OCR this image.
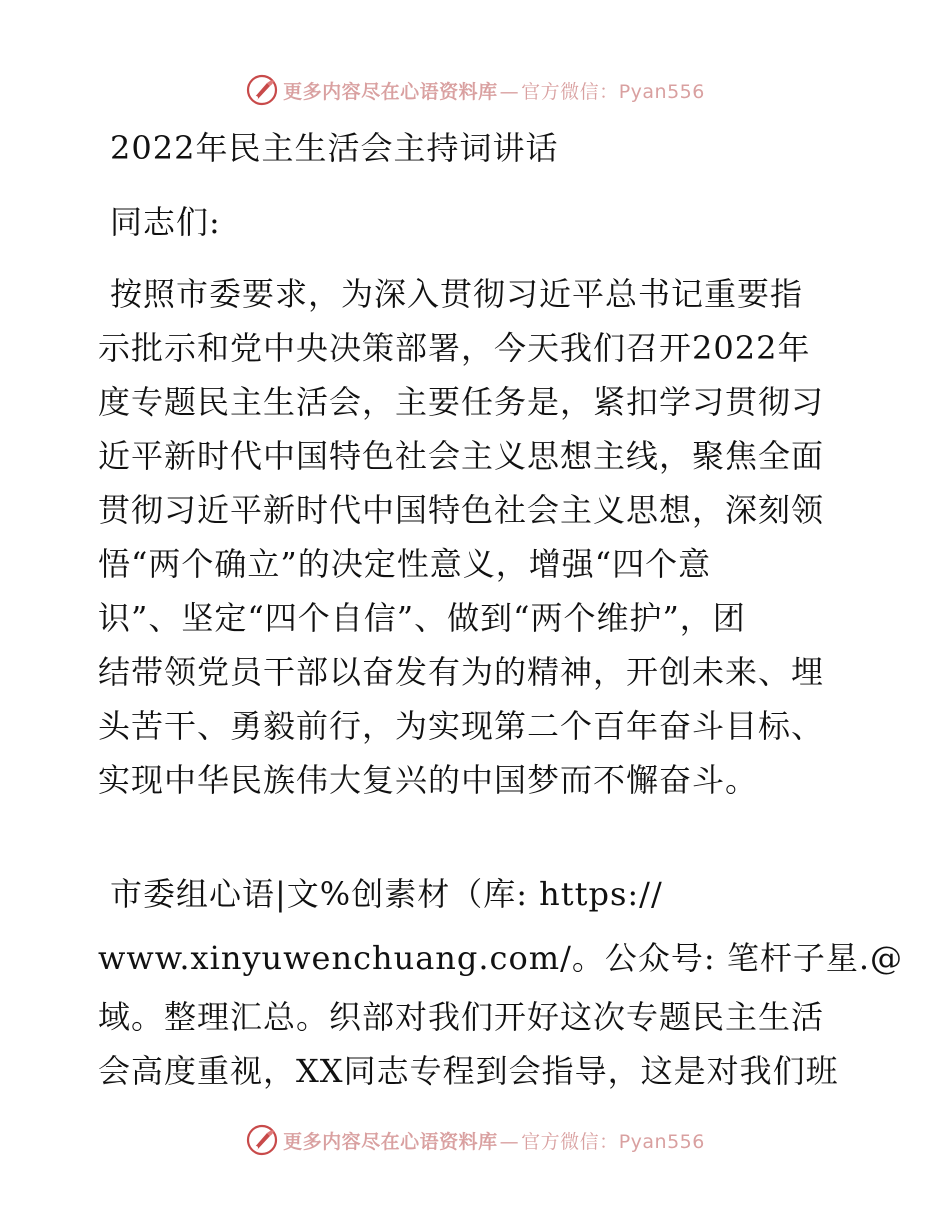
更多内容尽在心语资料库 — 官方微信：Pyan556
2022年民主生活会主持词讲话
同志们:
按照市委要求，为深入贯彻习近平总书记重要指
示批示和党中央决策部署，今天我们召开2022年
度专题民主生活会，主要任务是，紧扣学习贯彻习
近平新时代中国特色社会主义思想主线，聚焦全面
贯彻习近平新时代中国特色社会主义思想，深刻领
悟“两个确立”的决定性意义，增强“四个意
识”、坚定“四个自信”、做到“两个维护”，团
结带领党员干部以奋发有为的精神，开创未来、埋
头苦干、勇毅前行，为实现第二个百年奋斗目标、
实现中华民族伟大复兴的中国梦而不懈奋斗。
市委组心语|文%创素材（库: https://
www.xinyuwenchuang.com/。公众号: 笔杆子星.@
域。整理汇总。织部对我们开好这次专题民主生活
会高度重视，XX同志专程到会指导，这是对我们班
更多内容尽在心语资料库 — 官方微信：Pyan556
